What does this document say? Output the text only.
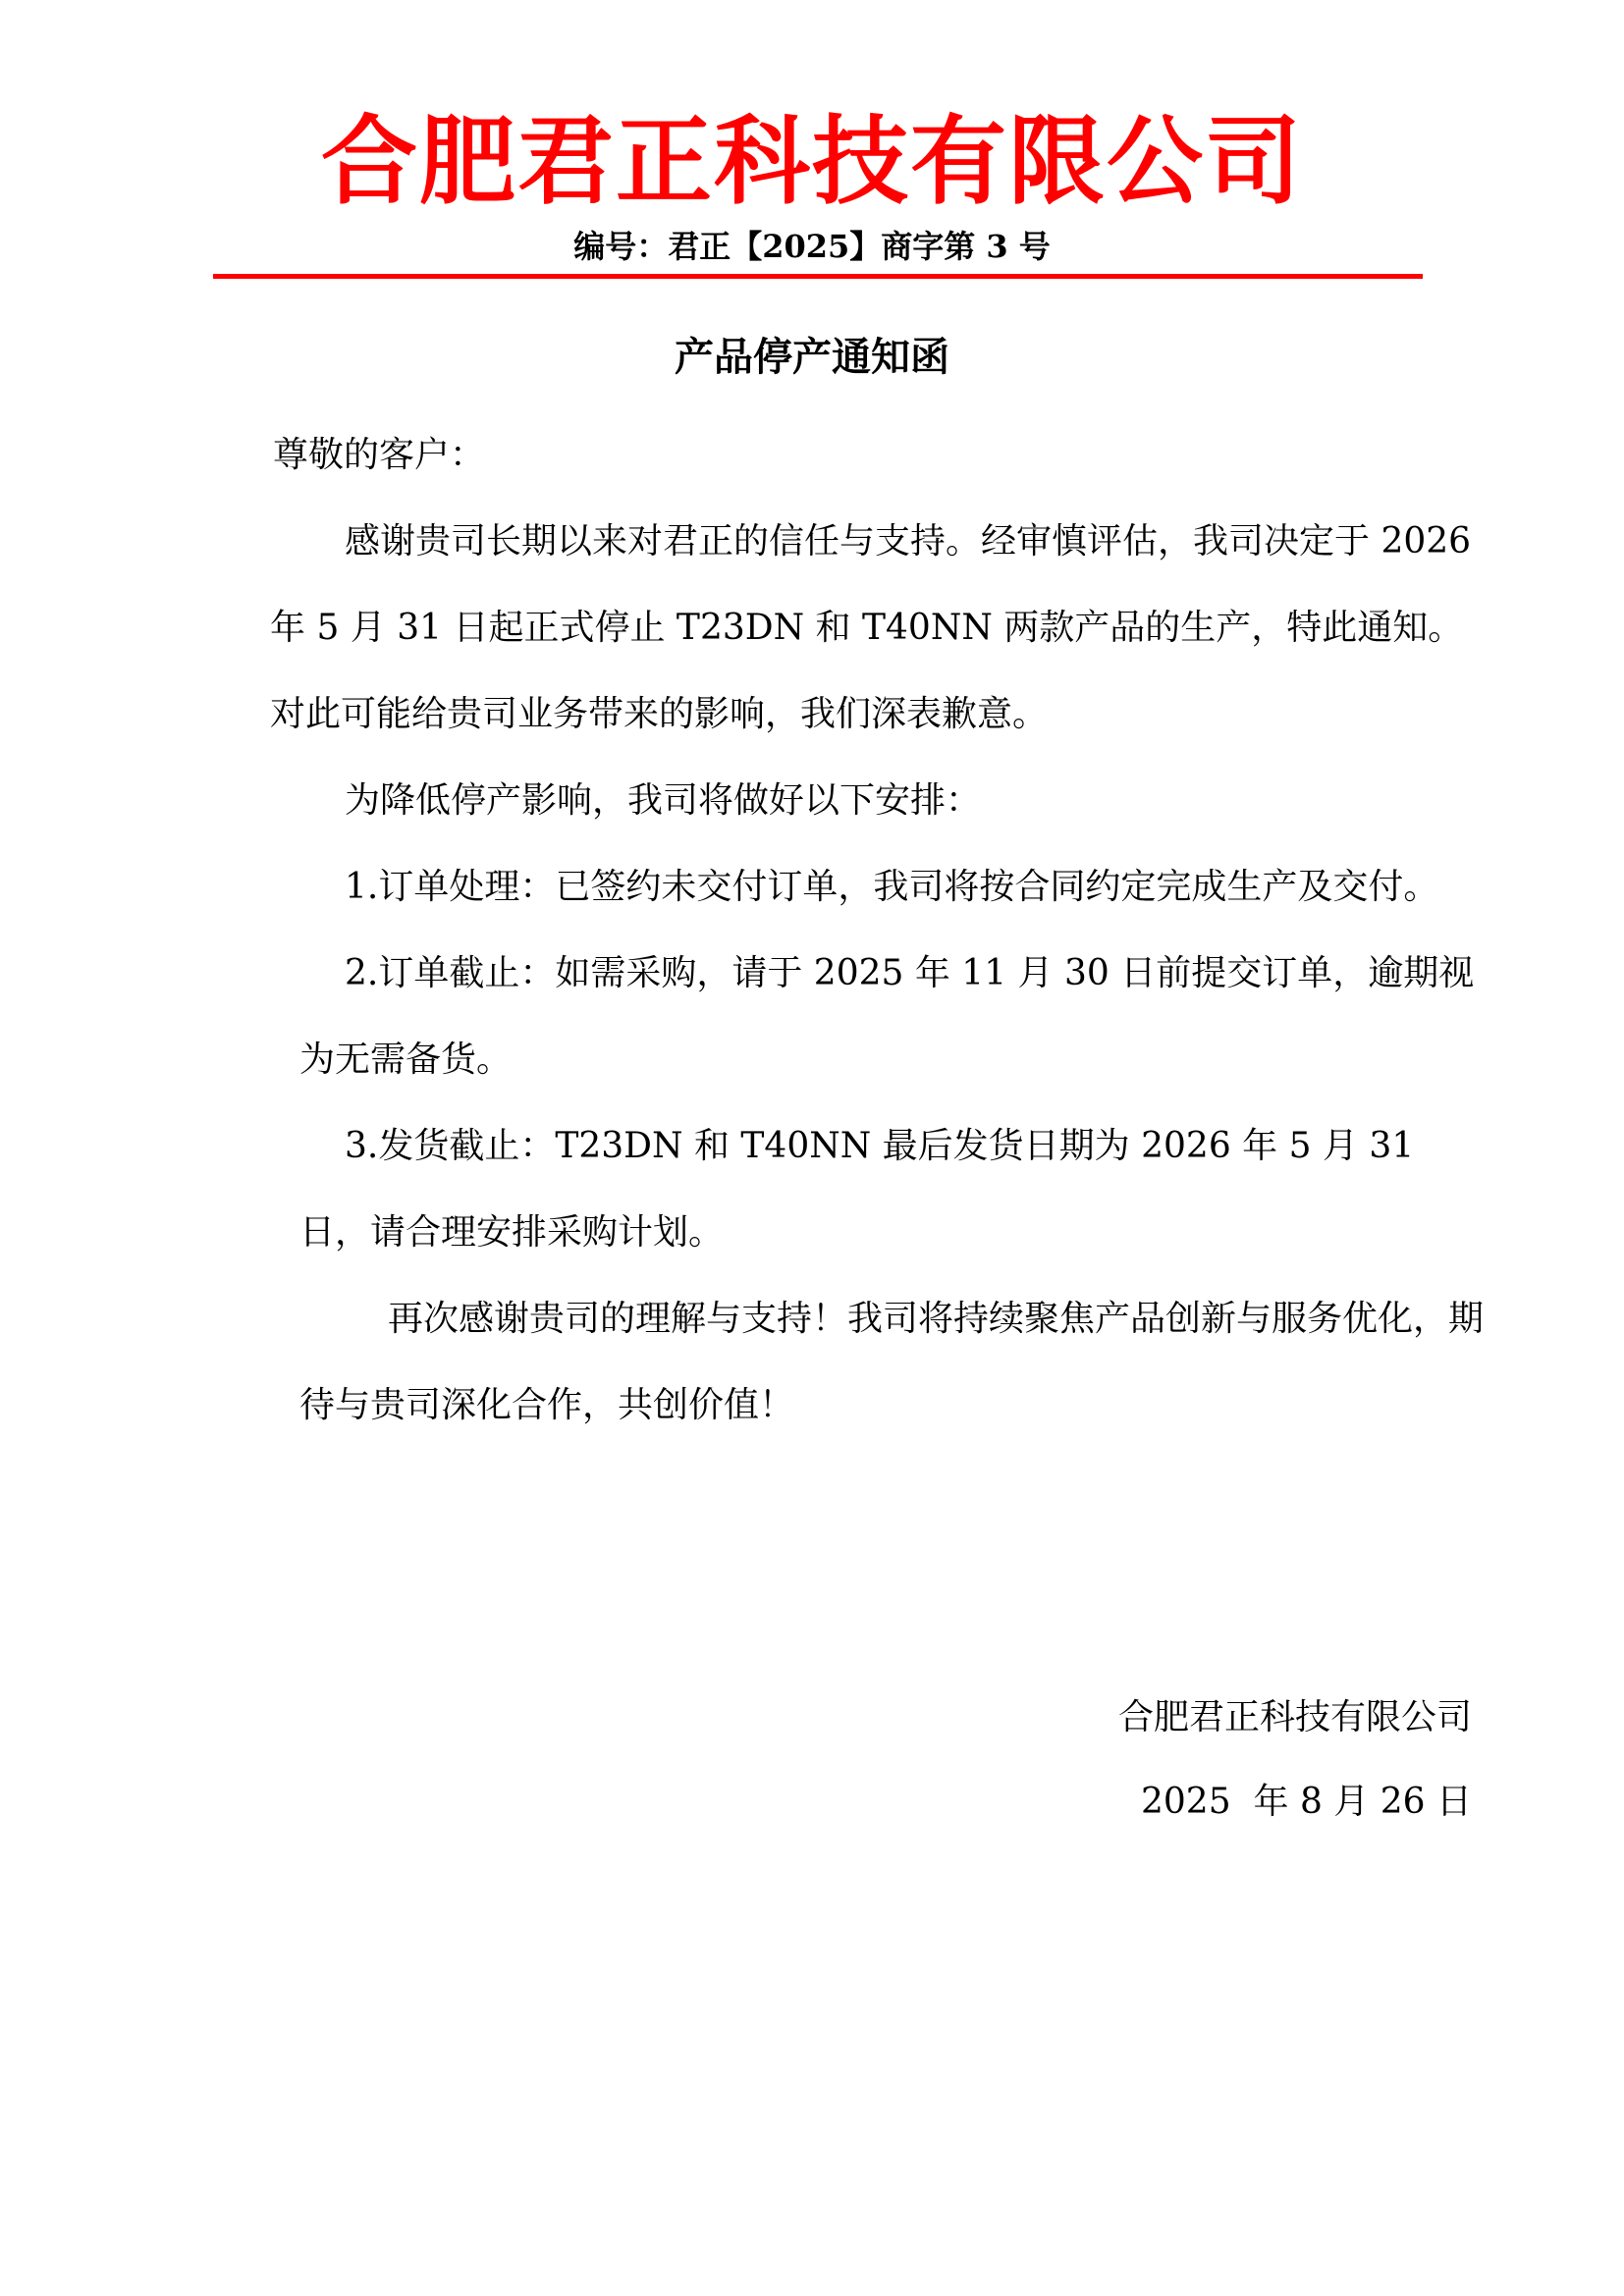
合肥君正科技有限公司
编号：君正【2025】商字第 3 号
产品停产通知函

尊敬的客户：

感谢贵司长期以来对君正的信任与支持。经审慎评估，我司决定于 2026 年 5 月 31 日起正式停止 T23DN 和 T40NN 两款产品的生产，特此通知。对此可能给贵司业务带来的影响，我们深表歉意。

为降低停产影响，我司将做好以下安排：

1.订单处理：已签约未交付订单，我司将按合同约定完成生产及交付。

2.订单截止：如需采购，请于 2025 年 11 月 30 日前提交订单，逾期视为无需备货。

3.发货截止：T23DN 和 T40NN 最后发货日期为 2026 年 5 月 31 日，请合理安排采购计划。

再次感谢贵司的理解与支持！我司将持续聚焦产品创新与服务优化，期待与贵司深化合作，共创价值！

合肥君正科技有限公司
2025  年 8 月 26 日
